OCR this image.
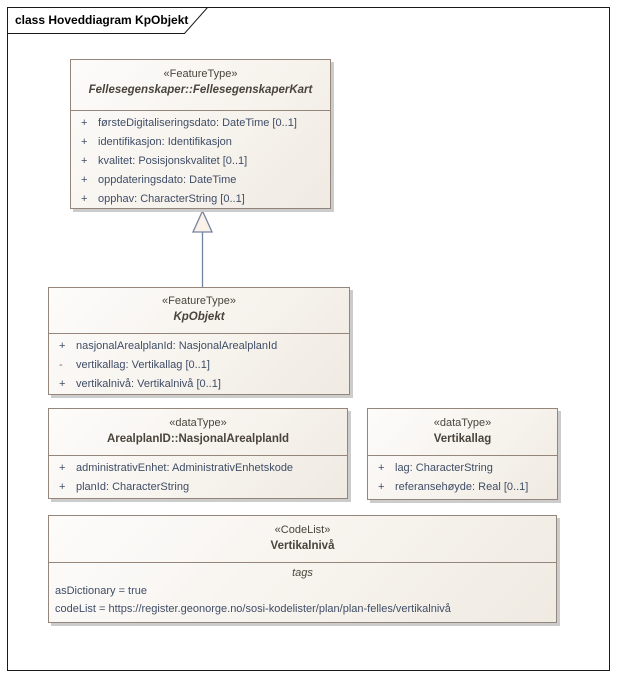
class Hoveddiagram KpObjekt
«FeatureType»
Fellesegenskaper::FellesegenskaperKart
+ førsteDigitaliseringsdato: DateTime [0..1]
+ identifikasjon: Identifikasjon
+ kvalitet: Posisjonskvalitet [0..1]
+ oppdateringsdato: DateTime
+ opphav: CharacterString [0..1]
«FeatureType»
KpObjekt
+ nasjonalArealplanId: NasjonalArealplanId
-	vertikallag: Vertikallag [0..1]
+ vertikalnivå: Vertikalnivå [0..1]
«dataType»
ArealplanID::NasjonalArealplanId
+ administrativEnhet: AdministrativEnhetskode
+ planId: CharacterString
«dataType»
Vertikallag
+ lag: CharacterString
+ referansehøyde: Real [0..1]
«CodeList»
Vertikalnivå
tags
asDictionary = true
codeList = https://register.geonorge.no/sosi-kodelister/plan/plan-felles/vertikalnivå
